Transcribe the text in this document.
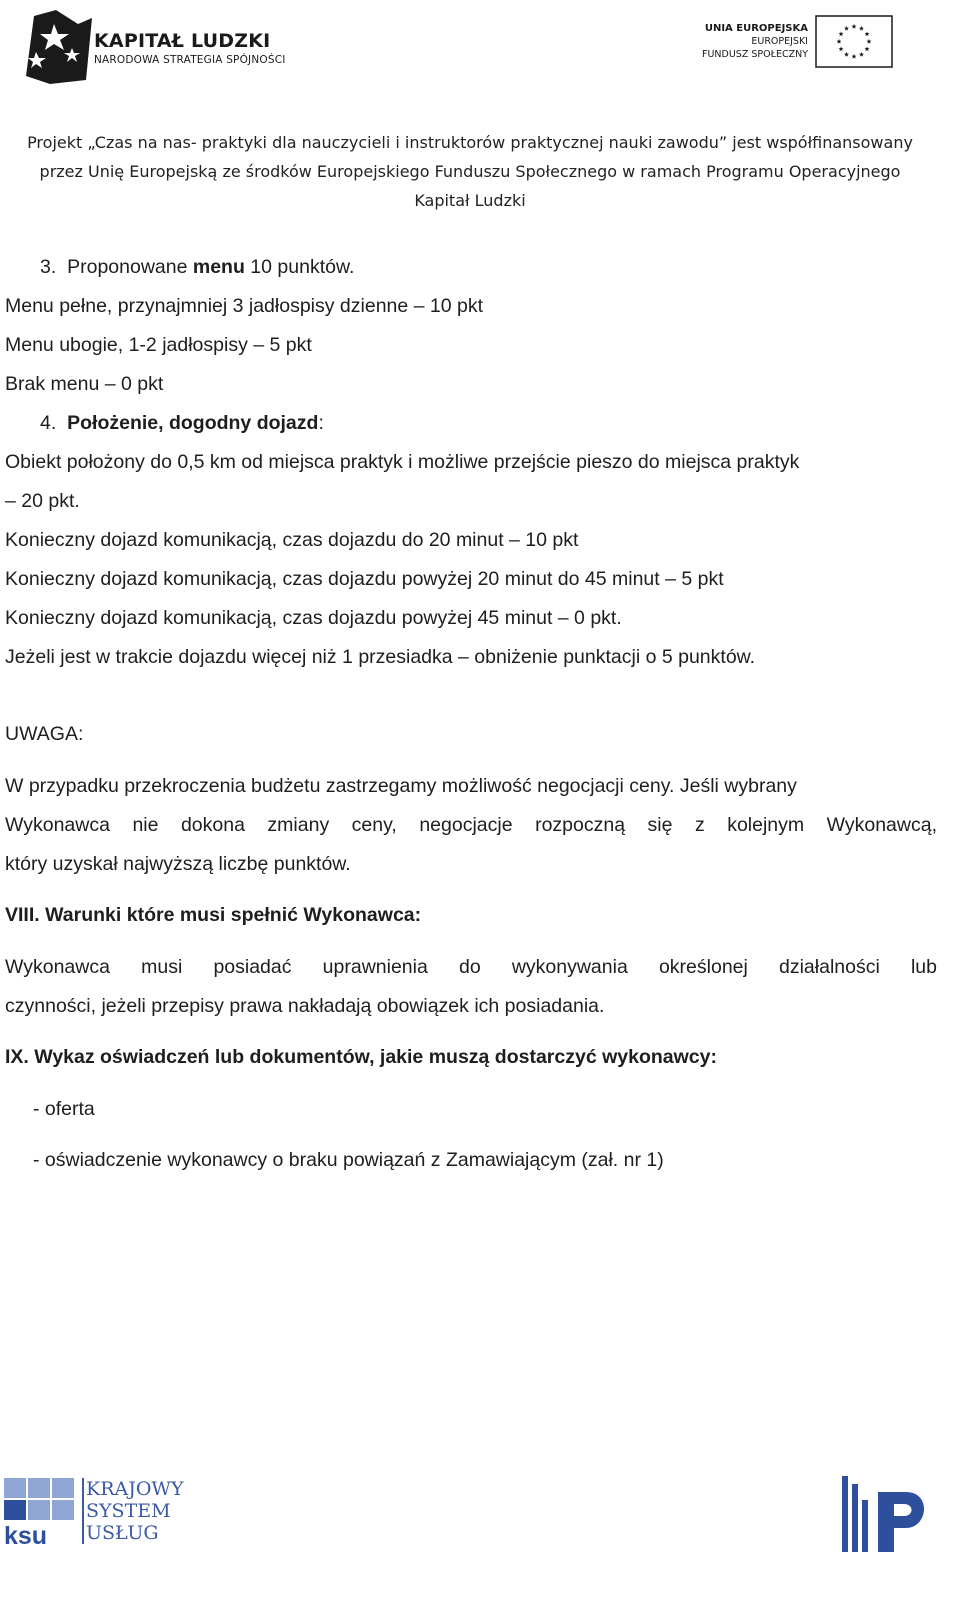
KAPITAŁ LUDZKI
NARODOWA STRATEGIA SPÓJNOŚCI
UNIA EUROPEJSKA
EUROPEJSKI
FUNDUSZ SPOŁECZNY
Projekt „Czas na nas- praktyki dla nauczycieli i instruktorów praktycznej nauki zawodu” jest współfinansowany
przez Unię Europejską ze środków Europejskiego Funduszu Społecznego w ramach Programu Operacyjnego
Kapitał Ludzki
3. Proponowane menu 10 punktów.
Menu pełne, przynajmniej 3 jadłospisy dzienne – 10 pkt
Menu ubogie, 1-2 jadłospisy – 5 pkt
Brak menu – 0 pkt
4. Położenie, dogodny dojazd:
Obiekt położony do 0,5 km od miejsca praktyk i możliwe przejście pieszo do miejsca praktyk
– 20 pkt.
Konieczny dojazd komunikacją, czas dojazdu do 20 minut – 10 pkt
Konieczny dojazd komunikacją, czas dojazdu powyżej 20 minut do 45 minut – 5 pkt
Konieczny dojazd komunikacją, czas dojazdu powyżej 45 minut – 0 pkt.
Jeżeli jest w trakcie dojazdu więcej niż 1 przesiadka – obniżenie punktacji o 5 punktów.
UWAGA:
W przypadku przekroczenia budżetu zastrzegamy możliwość negocjacji ceny. Jeśli wybrany
Wykonawca nie dokona zmiany ceny, negocjacje rozpoczną się z kolejnym Wykonawcą,
który uzyskał najwyższą liczbę punktów.
VIII. Warunki które musi spełnić Wykonawca:
Wykonawca musi posiadać uprawnienia do wykonywania określonej działalności lub
czynności, jeżeli przepisy prawa nakładają obowiązek ich posiadania.
IX. Wykaz oświadczeń lub dokumentów, jakie muszą dostarczyć wykonawcy:
- oferta
- oświadczenie wykonawcy o braku powiązań z Zamawiającym (zał. nr 1)
KRAJOWY
SYSTEM
USŁUG
ksu
